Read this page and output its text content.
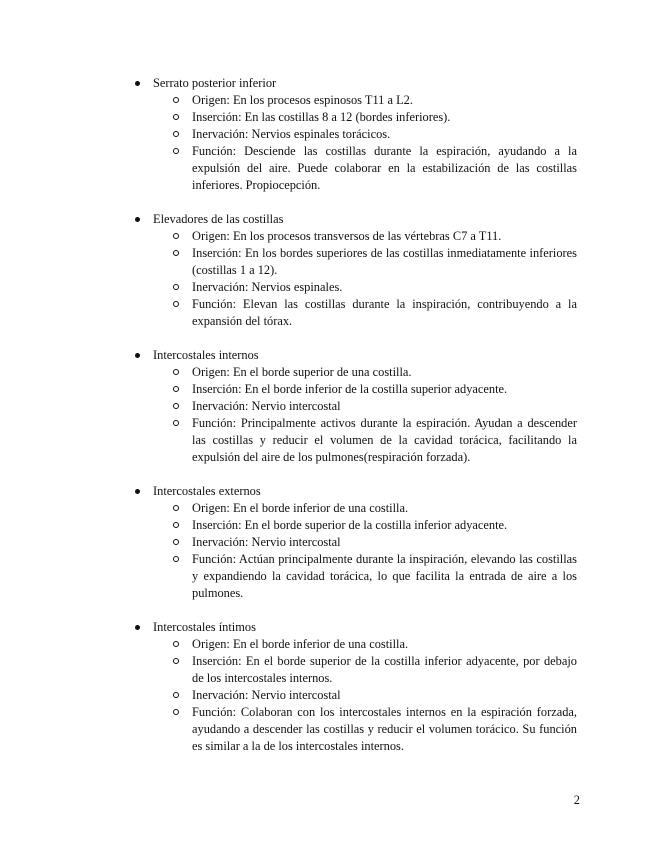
Serrato posterior inferior
Origen: En los procesos espinosos T11 a L2.
Inserción: En las costillas 8 a 12 (bordes inferiores).
Inervación: Nervios espinales torácicos.
Función: Desciende las costillas durante la espiración, ayudando a la expulsión del aire. Puede colaborar en la estabilización de las costillas inferiores. Propiocepción.
Elevadores de las costillas
Origen: En los procesos transversos de las vértebras C7 a T11.
Inserción: En los bordes superiores de las costillas inmediatamente inferiores (costillas 1 a 12).
Inervación: Nervios espinales.
Función: Elevan las costillas durante la inspiración, contribuyendo a la expansión del tórax.
Intercostales internos
Origen: En el borde superior de una costilla.
Inserción: En el borde inferior de la costilla superior adyacente.
Inervación: Nervio intercostal
Función: Principalmente activos durante la espiración. Ayudan a descender las costillas y reducir el volumen de la cavidad torácica, facilitando la expulsión del aire de los pulmones(respiración forzada).
Intercostales externos
Origen: En el borde inferior de una costilla.
Inserción: En el borde superior de la costilla inferior adyacente.
Inervación: Nervio intercostal
Función: Actúan principalmente durante la inspiración, elevando las costillas y expandiendo la cavidad torácica, lo que facilita la entrada de aire a los pulmones.
Intercostales íntimos
Origen: En el borde inferior de una costilla.
Inserción: En el borde superior de la costilla inferior adyacente, por debajo de los intercostales internos.
Inervación: Nervio intercostal
Función: Colaboran con los intercostales internos en la espiración forzada, ayudando a descender las costillas y reducir el volumen torácico. Su función es similar a la de los intercostales internos.
2
